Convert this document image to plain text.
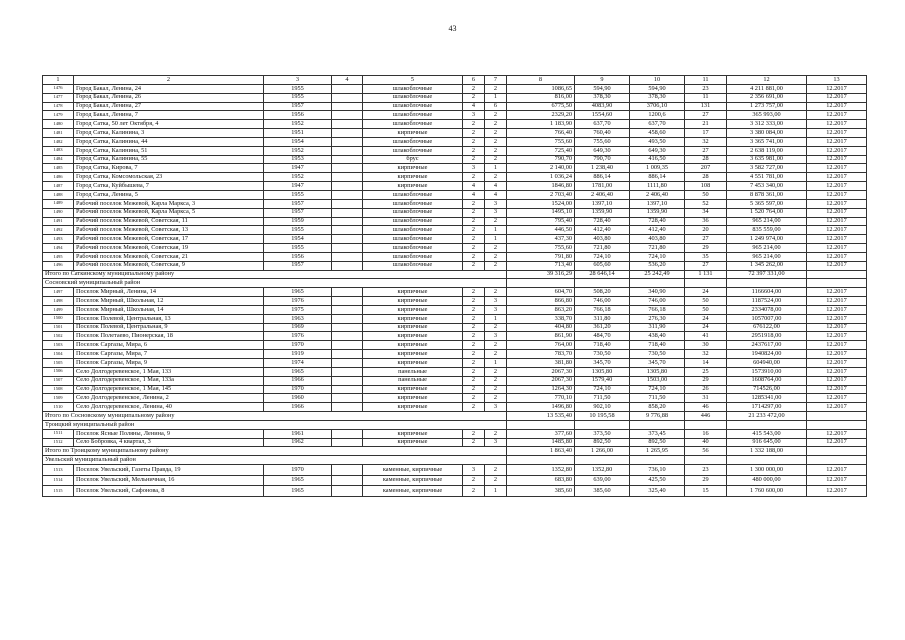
43
1	2	3	4	5	6	7	8	9	10	11	12	13
1476	Город Бакал, Ленина, 24	1955		шлакоблочные	2	2	1086,65	594,90	594,90	23	4 211 881,00	12.2017
1477	Город Бакал, Ленина, 26	1955		шлакоблочные	2	1	816,00	378,30	378,30	11	2 356 691,00	12.2017
1478	Город Бакал, Ленина, 27	1957		шлакоблочные	4	6	6775,50	4083,90	3706,10	131	1 273 757,00	12.2017
1479	Город Бакал, Ленина, 7	1956		шлакоблочные	3	2	2329,20	1554,60	1200,6	27	365 993,00	12.2017
1480	Город Сатка, 50 лет Октября, 4	1952		шлакоблочные	2	2	1 183,90	637,70	637,70	21	3 312 333,00	12.2017
1481	Город Сатка, Калинина, 3	1951		кирпичные	2	2	766,40	760,40	458,60	17	3 380 084,00	12.2017
1482	Город Сатка, Калинина, 44	1954		шлакоблочные	2	2	755,60	755,60	493,50	32	3 365 741,00	12.2017
1483	Город Сатка, Калинина, 51	1952		шлакоблочные	2	2	725,40	649,30	649,30	27	2 638 119,00	12.2017
1484	Город Сатка, Калинина, 55	1953		брус	2	2	790,70	790,70	416,50	28	3 635 981,00	12.2017
1485	Город Сатка, Кирова, 7	1947		кирпичные	3	1	2 140,00	1 238,40	1 009,35	207	3 582 727,00	12.2017
1486	Город Сатка, Комсомольская, 23	1952		кирпичные	2	2	1 036,24	886,14	886,14	28	4 551 781,00	12.2017
1487	Город Сатка, Куйбышева, 7	1947		кирпичные	4	4	1846,80	1781,00	1111,80	108	7 453 340,00	12.2017
1488	Город Сатка, Ленина, 5	1955		шлакоблочные	4	4	2 703,40	2 406,40	2 406,40	50	8 878 361,00	12.2017
1489	Рабочий поселок Межевой, Карла Маркса, 3	1957		шлакоблочные	2	3	1524,00	1397,10	1397,10	52	5 365 597,00	12.2017
1490	Рабочий поселок Межевой, Карла Маркса, 5	1957		шлакоблочные	2	3	1495,10	1359,90	1359,90	34	1 520 764,00	12.2017
1491	Рабочий поселок Межевой, Советская, 11	1959		шлакоблочные	2	2	795,40	728,40	728,40	36	965 214,00	12.2017
1492	Рабочий поселок Межевой, Советская, 13	1955		шлакоблочные	2	1	446,50	412,40	412,40	20	835 559,00	12.2017
1493	Рабочий поселок Межевой, Советская, 17	1954		шлакоблочные	2	1	437,30	403,80	403,80	27	1 249 974,00	12.2017
1494	Рабочий поселок Межевой, Советская, 19	1955		шлакоблочные	2	2	755,60	721,80	721,80	29	965 214,00	12.2017
1495	Рабочий поселок Межевой, Советская, 21	1956		шлакоблочные	2	2	791,80	724,10	724,10	35	965 214,00	12.2017
1496	Рабочий поселок Межевой, Советская, 9	1957		шлакоблочные	2	2	713,40	605,60	536,20	27	1 345 262,00	12.2017
Итого по Саткинскому муниципальному району							39 316,29	28 646,14	25 242,49	1 131	72 397 331,00	
Сосновский муниципальный район												
1497	Поселок Мирный, Ленина, 14	1965		кирпичные	2	2	604,70	508,20	340,90	24	1166604,00	12.2017
1498	Поселок Мирный, Школьная, 12	1976		кирпичные	2	3	866,80	746,00	746,00	50	1187524,00	12.2017
1499	Поселок Мирный, Школьная, 14	1975		кирпичные	2	3	863,20	766,18	766,18	50	2334078,00	12.2017
1500	Поселок Полевой, Центральная, 13	1963		кирпичные	2	1	338,70	311,80	276,30	24	1057007,00	12.2017
1501	Поселок Полевой, Центральная, 9	1969		кирпичные	2	2	404,80	361,20	311,90	24	676122,00	12.2017
1502	Поселок Полетаево, Пионерская, 18	1976		кирпичные	2	3	861,90	484,70	438,40	41	2951918,00	12.2017
1503	Поселок Саргазы, Мира, 6	1970		кирпичные	2	2	764,00	718,40	718,40	30	2437617,00	12.2017
1504	Поселок Саргазы, Мира, 7	1919		кирпичные	2	2	783,70	730,50	730,50	32	1940824,00	12.2017
1505	Поселок Саргазы, Мира, 9	1974		кирпичные	2	1	381,80	345,70	345,70	14	604940,00	12.2017
1506	Село Долгодеревенское, 1 Мая, 133	1965		панельные	2	2	2067,30	1305,80	1305,80	25	1573910,00	12.2017
1507	Село Долгодеревенское, 1 Мая, 133а	1966		панельные	2	2	2067,30	1579,40	1503,00	29	1608764,00	12.2017
1508	Село Долгодеревенское, 1 Мая, 145	1970		кирпичные	2	2	1264,30	724,10	724,10	26	714526,00	12.2017
1509	Село Долгодеревенское, Ленина, 2	1960		кирпичные	2	2	770,10	711,50	711,50	31	1285341,00	12.2017
1510	Село Долгодеревенское, Ленина, 40	1966		кирпичные	2	3	1496,80	902,10	858,20	46	1714297,00	12.2017
Итого по Сосновскому муниципальному району							13 535,40	10 195,58	9 776,88	446	21 233 472,00	
Троицкий муниципальный район												
1511	Поселок Ясные Поляны, Ленина, 9	1961		кирпичные	2	2	377,60	373,50	373,45	16	415 543,00	12.2017
1512	Село Бобровка, 4 квартал, 3	1962		кирпичные	2	3	1485,80	892,50	892,50	40	916 645,00	12.2017
Итого по Троицкому муниципальному району							1 863,40	1 266,00	1 265,95	56	1 332 188,00	
Увельский муниципальный район												
1513	Поселок Увельский, Газеты Правда, 19	1970		каменные, кирпичные	3	2	1352,80	1352,80	736,10	23	1 300 000,00	12.2017
1514	Поселок Увельский, Мельничная, 16	1965		каменные, кирпичные	2	2	683,80	639,00	425,50	29	480 000,00	12.2017
1515	Поселок Увельский, Сафонова, 8	1965		каменные, кирпичные	2	1	385,60	385,60	325,40	15	1 760 600,00	12.2017
